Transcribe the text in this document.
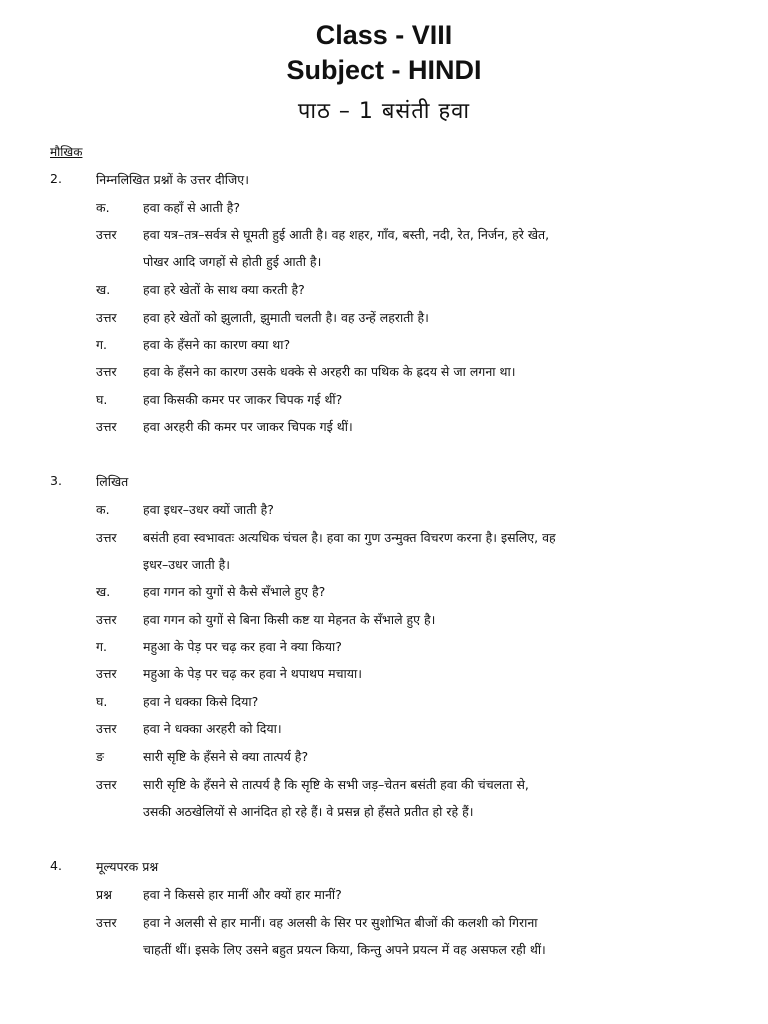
Class - VIII
Subject - HINDI
पाठ – 1 बसंती हवा
मौखिक
2.	निम्नलिखित प्रश्नों के उत्तर दीजिए।
क.	हवा कहाँ से आती है?
उत्तर हवा यत्र–तत्र–सर्वत्र से घूमती हुई आती है। वह शहर, गाँव, बस्ती, नदी, रेत, निर्जन, हरे खेत,
पोखर आदि जगहों से होती हुई आती है।
ख.	हवा हरे खेतों के साथ क्या करती है?
उत्तर हवा हरे खेतों को झुलाती, झुमाती चलती है। वह उन्हें लहराती है।
ग.	हवा के हँसने का कारण क्या था?
उत्तर हवा के हँसने का कारण उसके धक्के से अरहरी का पथिक के ह्रदय से जा लगना था।
घ.	हवा किसकी कमर पर जाकर चिपक गई थीं?
उत्तर हवा अरहरी की कमर पर जाकर चिपक गई थीं।
3.	लिखित
क.	हवा इधर–उधर क्यों जाती है?
उत्तर बसंती हवा स्वभावतः अत्यधिक चंचल है। हवा का गुण उन्मुक्त विचरण करना है। इसलिए, वह
इधर–उधर जाती है।
ख.	हवा गगन को युगों से कैसे सँभाले हुए है?
उत्तर हवा गगन को युगों से बिना किसी कष्ट या मेहनत के सँभाले हुए है।
ग.	महुआ के पेड़ पर चढ़ कर हवा ने क्या किया?
उत्तर महुआ के पेड़ पर चढ़ कर हवा ने थपाथप मचाया।
घ.	हवा ने धक्का किसे दिया?
उत्तर हवा ने धक्का अरहरी को दिया।
ङ	सारी सृष्टि के हँसने से क्या तात्पर्य है?
उत्तर सारी सृष्टि के हँसने से तात्पर्य है कि सृष्टि के सभी जड़–चेतन बसंती हवा की चंचलता से,
उसकी अठखेलियों से आनंदित हो रहे हैं। वे प्रसन्न हो हँसते प्रतीत हो रहे हैं।
4.	मूल्यपरक प्रश्न
प्रश्न हवा ने किससे हार मानीं और क्यों हार मानीं?
उत्तर हवा ने अलसी से हार मानीं। वह अलसी के सिर पर सुशोभित बीजों की कलशी को गिराना
चाहतीं थीं। इसके लिए उसने बहुत प्रयत्न किया, किन्तु अपने प्रयत्न में वह असफल रही थीं।
